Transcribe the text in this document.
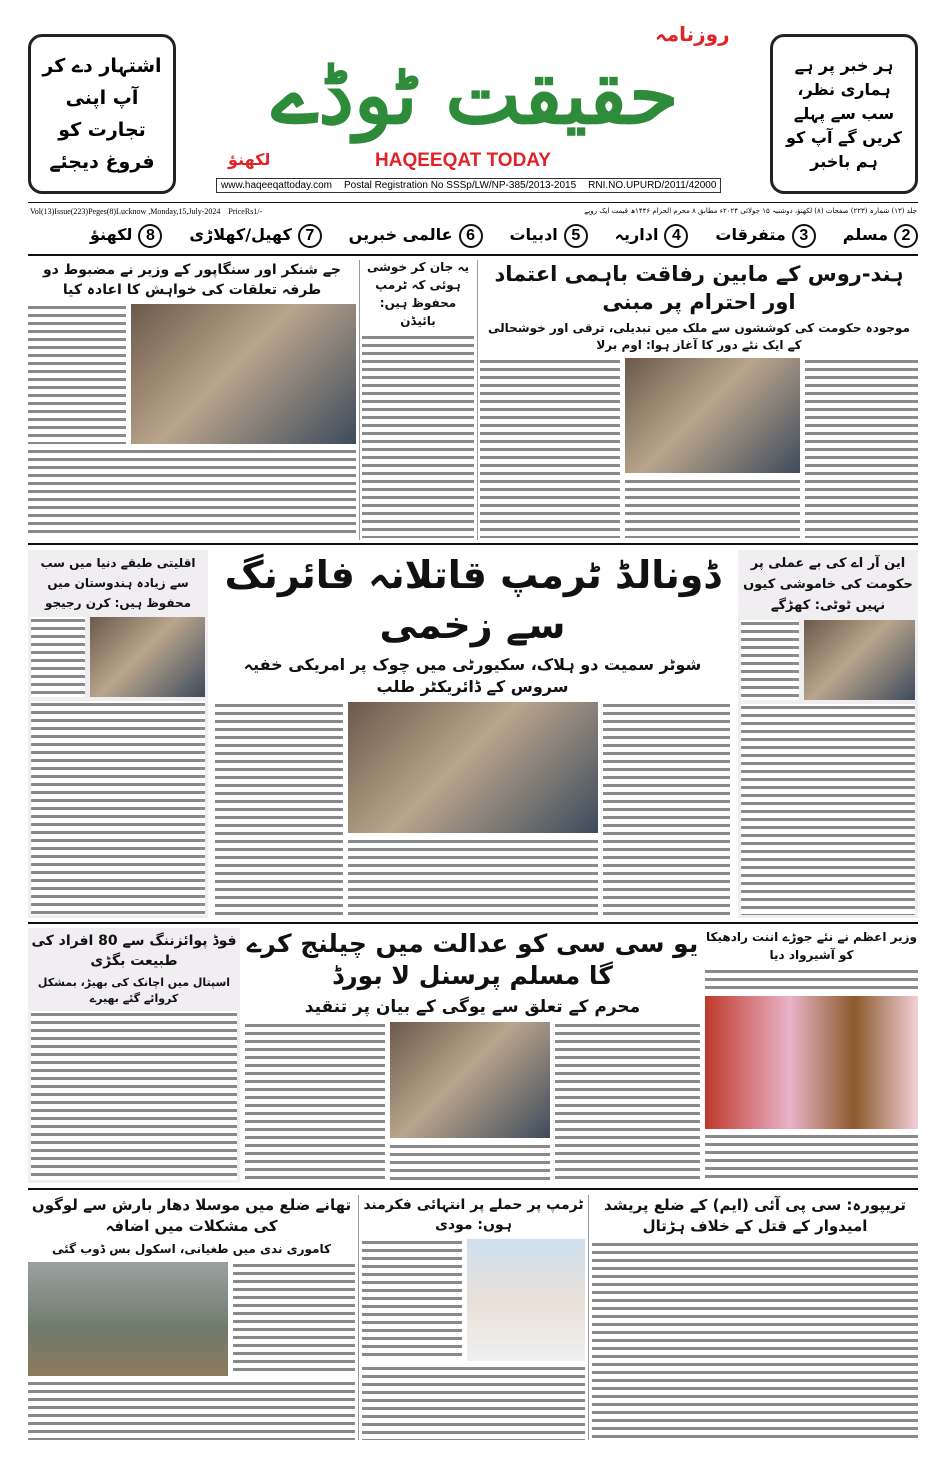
اشتہار دے کر آپ اپنی تجارت کو فروغ دیجئے
ہر خبر پر ہے ہماری نظر، سب سے پہلے کریں گے آپ کو ہم باخبر
روزنامہ
حقیقت ٹوڈے
لکھنؤ	HAQEEQAT TODAY
www.haqeeqattoday.com Postal Registration No SSSp/LW/NP-385/2013-2015 RNI.NO.UPURD/2011/42000
Vol(13)Issue(223)Peges(8)Lucknow ,Monday,15,July-2024 PriceRs1/-	جلد (۱۳) شمارہ (۲۲۳) صفحات (۸) لکھنؤ، دوشنبہ ۱۵ جولائی ۲۰۲۴ء مطابق ۸ محرم الحرام ۱۴۴۶ھ قیمت ایک روپے
2مسلم
3متفرقات
4اداریہ
5ادبیات
6عالمی خبریں
7کھیل/کھلاڑی
8لکھنؤ
ہند-روس کے مابین رفاقت باہمی اعتماد اور احترام پر مبنی
موجودہ حکومت کی کوششوں سے ملک میں تبدیلی، ترقی اور خوشحالی کے ایک نئے دور کا آغاز ہوا: اوم برلا
یہ جان کر خوشی ہوئی کہ ٹرمپ محفوظ ہیں: بائیڈن
جے شنکر اور سنگاپور کے وزیر نے مضبوط دو طرفہ تعلقات کی خواہش کا اعادہ کیا
اقلیتی طبقے دنیا میں سب سے زیادہ ہندوستان میں محفوظ ہیں: کرن رجیجو
ڈونالڈ ٹرمپ قاتلانہ فائرنگ سے زخمی
شوٹر سمیت دو ہلاک، سکیورٹی میں چوک پر امریکی خفیہ سروس کے ڈائریکٹر طلب
این آر اے کی بے عملی پر حکومت کی خاموشی کیوں نہیں ٹوٹی: کھڑگے
فوڈ پوائزننگ سے 80 افراد کی طبیعت بگڑی
اسپتال میں اچانک کی بھیڑ، بمشکل کروائے گئے بھیرے
یو سی سی کو عدالت میں چیلنج کرے گا مسلم پرسنل لا بورڈ
محرم کے تعلق سے یوگی کے بیان پر تنقید
وزیر اعظم نے نئے جوڑے اننت رادھیکا کو آشیرواد دیا
تھانے ضلع میں موسلا دھار بارش سے لوگوں کی مشکلات میں اضافہ
کاموری ندی میں طغیانی، اسکول بس ڈوب گئی
ٹرمپ پر حملے پر انتہائی فکرمند ہوں: مودی
تریپورہ: سی پی آئی (ایم) کے ضلع پریشد امیدوار کے قتل کے خلاف ہڑتال
